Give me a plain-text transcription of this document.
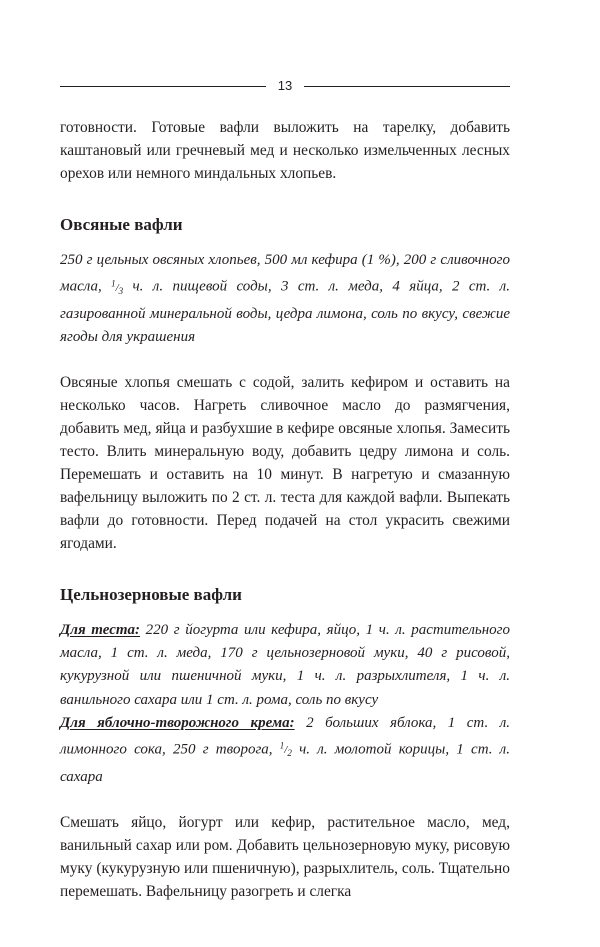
13

готовности. Готовые вафли выложить на тарелку, добавить каштановый или гречневый мед и несколько измельченных лесных орехов или немного миндальных хлопьев.

Овсяные вафли

250 г цельных овсяных хлопьев, 500 мл кефира (1 %), 200 г сливочного масла, $^1/_3$ ч. л. пищевой соды, 3 ст. л. меда, 4 яйца, 2 ст. л. газированной минеральной воды, цедра лимона, соль по вкусу, свежие ягоды для украшения

Овсяные хлопья смешать с содой, залить кефиром и оставить на несколько часов. Нагреть сливочное масло до размягчения, добавить мед, яйца и разбухшие в кефире овсяные хлопья. Замесить тесто. Влить минеральную воду, добавить цедру лимона и соль. Перемешать и оставить на 10 минут. В нагретую и смазанную вафельницу выложить по 2 ст. л. теста для каждой вафли. Выпекать вафли до готовности. Перед подачей на стол украсить свежими ягодами.

Цельнозерновые вафли

Для теста: 220 г йогурта или кефира, яйцо, 1 ч. л. растительного масла, 1 ст. л. меда, 170 г цельнозерновой муки, 40 г рисовой, кукурузной или пшеничной муки, 1 ч. л. разрыхлителя, 1 ч. л. ванильного сахара или 1 ст. л. рома, соль по вкусу

Для яблочно-творожного крема: 2 больших яблока, 1 ст. л. лимонного сока, 250 г творога, $^1/_2$ ч. л. молотой корицы, 1 ст. л. сахара

Смешать яйцо, йогурт или кефир, растительное масло, мед, ванильный сахар или ром. Добавить цельнозерновую муку, рисовую муку (кукурузную или пшеничную), разрыхлитель, соль. Тщательно перемешать. Вафельницу разогреть и слегка
